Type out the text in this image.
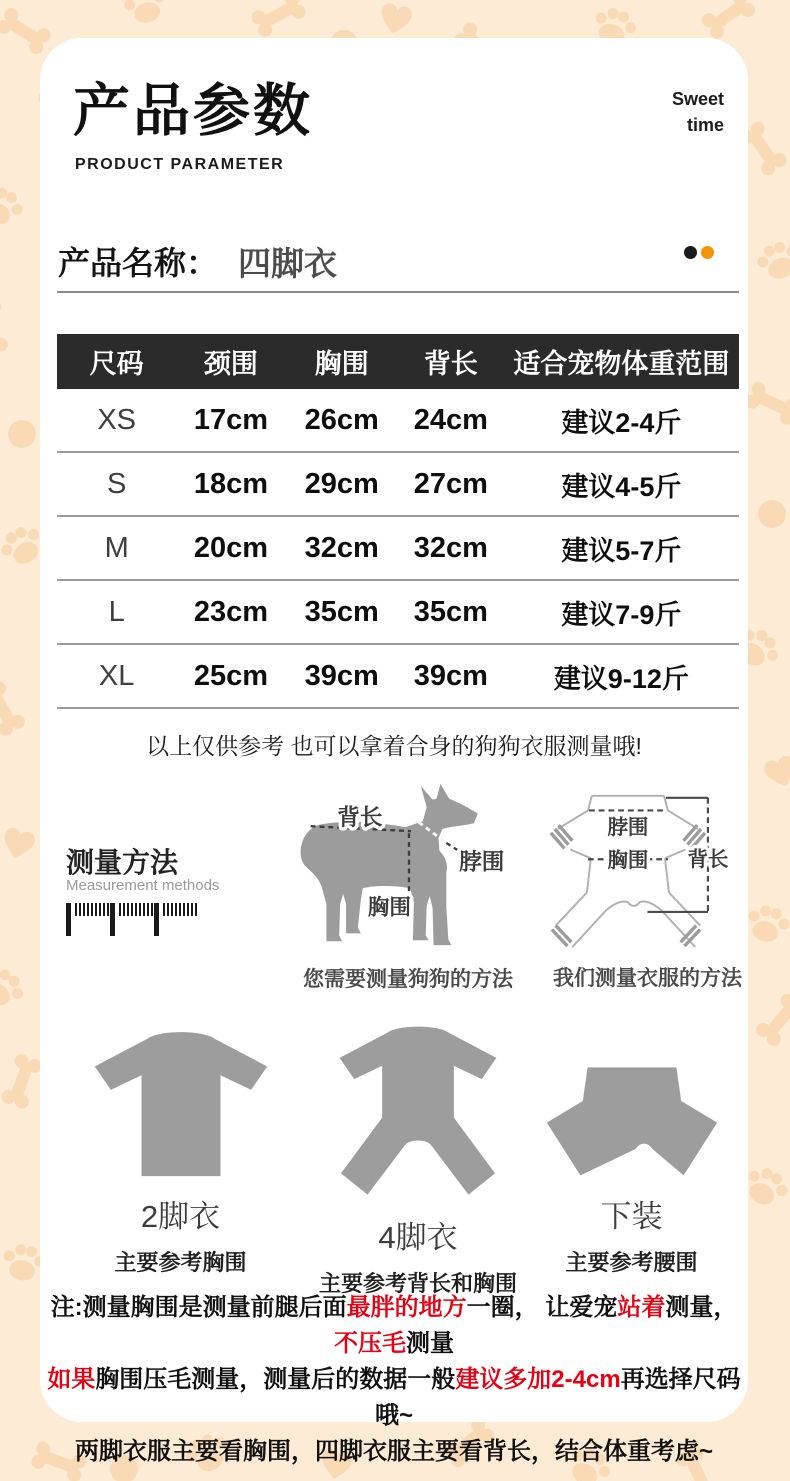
产品参数
PRODUCT PARAMETER
Sweet
time
产品名称： 四脚衣
尺码	颈围	胸围	背长	适合宠物体重范围
XS	17cm	26cm	24cm	建议2-4斤
S	18cm	29cm	27cm	建议4-5斤
M	20cm	32cm	32cm	建议5-7斤
L	23cm	35cm	35cm	建议7-9斤
XL	25cm	39cm	39cm	建议9-12斤
以上仅供参考 也可以拿着合身的狗狗衣服测量哦!
测量方法
Measurement methods
背长
脖围
胸围
您需要测量狗狗的方法
脖围
胸围 背长
我们测量衣服的方法
2脚衣
主要参考胸围
4脚衣
主要参考背长和胸围
下装
主要参考腰围
注:测量胸围是测量前腿后面最胖的地方一圈， 让爱宠站着测量，不压毛测量
如果胸围压毛测量，测量后的数据一般建议多加2-4cm再选择尺码哦~
两脚衣服主要看胸围，四脚衣服主要看背长，结合体重考虑~
